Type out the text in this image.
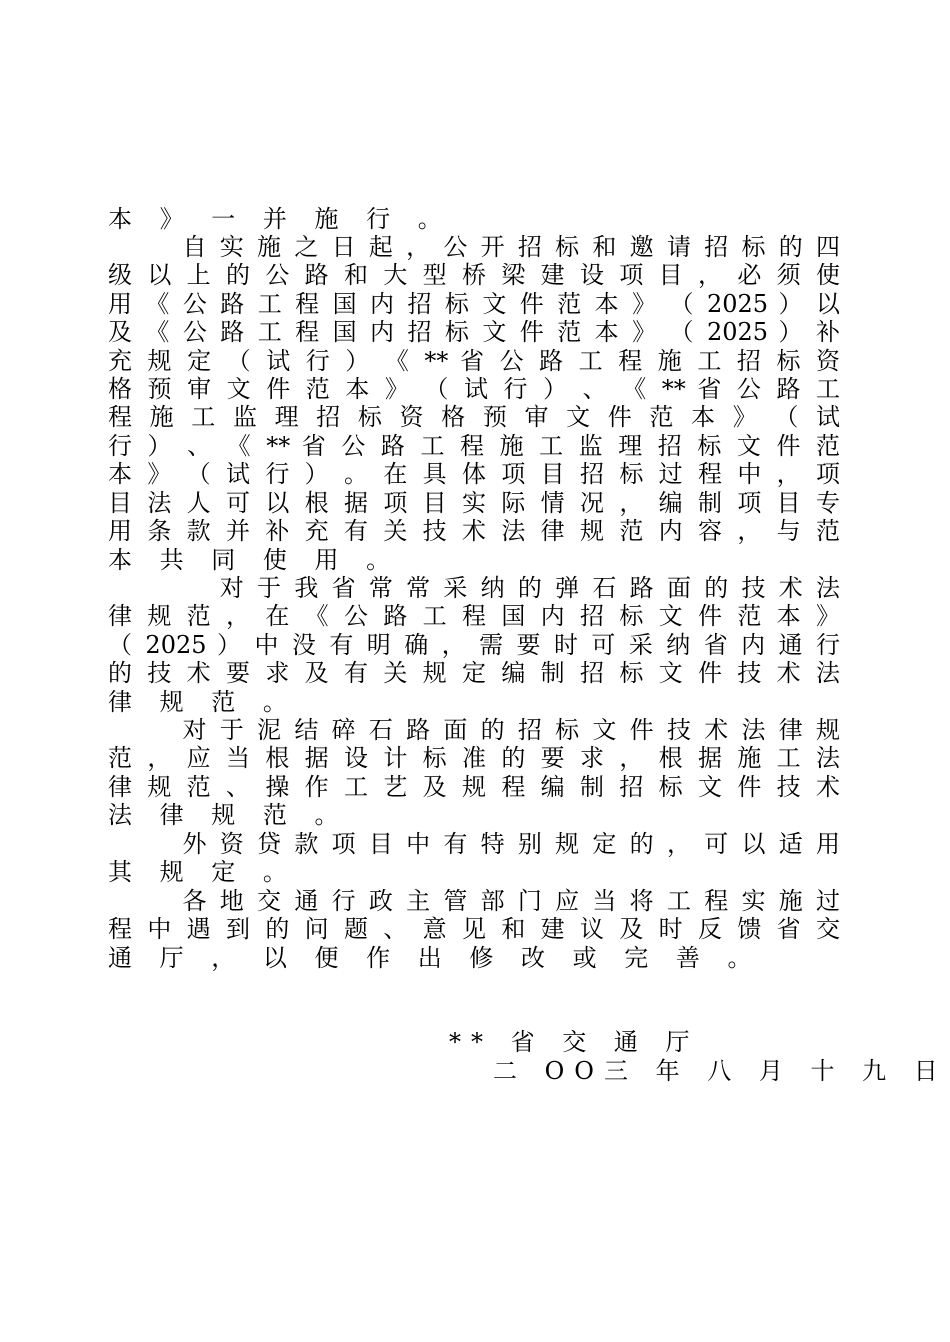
本 》 一 并 施 行 。
　 　 自 实 施 之 日 起 ， 公 开 招 标 和 邀 请 招 标 的 四
级 以 上 的 公 路 和 大 型 桥 梁 建 设 项 目 ， 必 须 使
用 《 公 路 工 程 国 内 招 标 文 件 范 本 》 （ 2025 ） 以
及 《 公 路 工 程 国 内 招 标 文 件 范 本 》 （ 2025 ） 补
充 规 定 （ 试 行 ） 《 ** 省 公 路 工 程 施 工 招 标 资
格 预 审 文 件 范 本 》 （ 试 行 ） 、 《 ** 省 公 路 工
程 施 工 监 理 招 标 资 格 预 审 文 件 范 本 》 （ 试
行 ） 、 《 ** 省 公 路 工 程 施 工 监 理 招 标 文 件 范
本 》 （ 试 行 ） 。 在 具 体 项 目 招 标 过 程 中 ， 项
目 法 人 可 以 根 据 项 目 实 际 情 况 ， 编 制 项 目 专
用 条 款 并 补 充 有 关 技 术 法 律 规 范 内 容 ， 与 范
本 共 同 使 用 。
　 　 　 对 于 我 省 常 常 采 纳 的 弹 石 路 面 的 技 术 法
律 规 范 ， 在 《 公 路 工 程 国 内 招 标 文 件 范 本 》
（ 2025 ） 中 没 有 明 确 ， 需 要 时 可 采 纳 省 内 通 行
的 技 术 要 求 及 有 关 规 定 编 制 招 标 文 件 技 术 法
律 规 范 。
　 　 对 于 泥 结 碎 石 路 面 的 招 标 文 件 技 术 法 律 规
范 ， 应 当 根 据 设 计 标 准 的 要 求 ， 根 据 施 工 法
律 规 范 、 操 作 工 艺 及 规 程 编 制 招 标 文 件 技 术
法 律 规 范 。
　 　 外 资 贷 款 项 目 中 有 特 别 规 定 的 ， 可 以 适 用
其 规 定 。
　 　 各 地 交 通 行 政 主 管 部 门 应 当 将 工 程 实 施 过
程 中 遇 到 的 问 题 、 意 见 和 建 议 及 时 反 馈 省 交
通 厅 ， 以 便 作 出 修 改 或 完 善 。
** 省 交 通 厅
二 OO三 年 八 月 十 九 日
